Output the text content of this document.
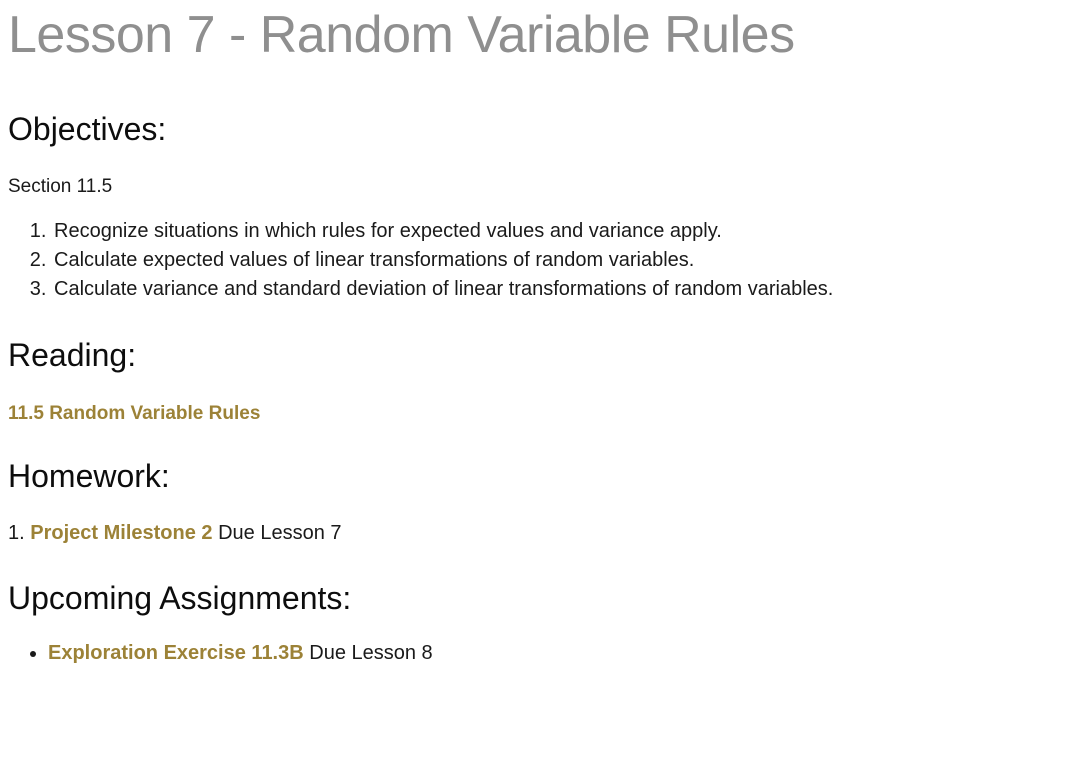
Lesson 7 - Random Variable Rules
Objectives:

Section 11.5

1. Recognize situations in which rules for expected values and variance apply.
2. Calculate expected values of linear transformations of random variables.
3. Calculate variance and standard deviation of linear transformations of random variables.
Reading:
11.5 Random Variable Rules
Homework:
1. Project Milestone 2 Due Lesson 7
Upcoming Assignments:
• Exploration Exercise 11.3B Due Lesson 8
